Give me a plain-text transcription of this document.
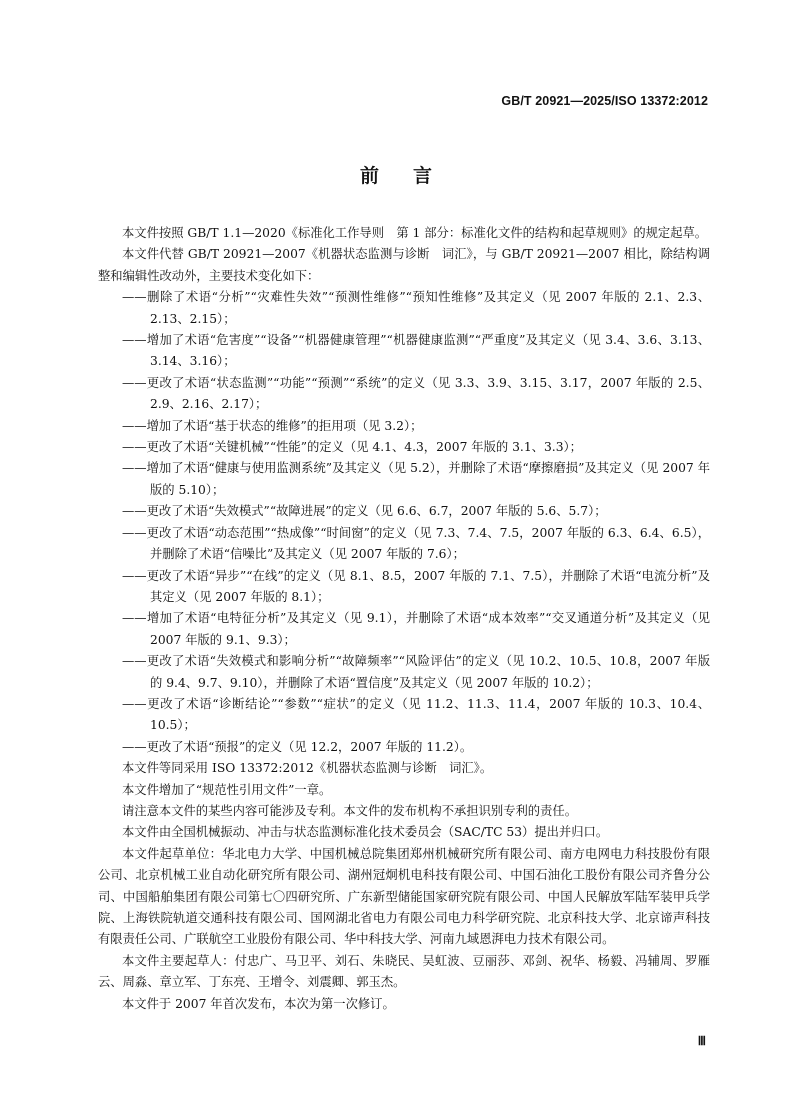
GB/T 20921—2025/ISO 13372:2012
前言

本文件按照 GB/T 1.1—2020《标准化工作导则　第 1 部分：标准化文件的结构和起草规则》的规定起草。

本文件代替 GB/T 20921—2007《机器状态监测与诊断　词汇》，与 GB/T 20921—2007 相比，除结构调整和编辑性改动外，主要技术变化如下：

——删除了术语“分析”“灾难性失效”“预测性维修”“预知性维修”及其定义（见 2007 年版的 2.1、2.3、2.13、2.15）；

——增加了术语“危害度”“设备”“机器健康管理”“机器健康监测”“严重度”及其定义（见 3.4、3.6、3.13、3.14、3.16）；

——更改了术语“状态监测”“功能”“预测”“系统”的定义（见 3.3、3.9、3.15、3.17，2007 年版的 2.5、2.9、2.16、2.17）；

——增加了术语“基于状态的维修”的拒用项（见 3.2）；

——更改了术语“关键机械”“性能”的定义（见 4.1、4.3，2007 年版的 3.1、3.3）；

——增加了术语“健康与使用监测系统”及其定义（见 5.2），并删除了术语“摩擦磨损”及其定义（见 2007 年版的 5.10）；

——更改了术语“失效模式”“故障进展”的定义（见 6.6、6.7，2007 年版的 5.6、5.7）；

——更改了术语“动态范围”“热成像”“时间窗”的定义（见 7.3、7.4、7.5，2007 年版的 6.3、6.4、6.5），并删除了术语“信噪比”及其定义（见 2007 年版的 7.6）；

——更改了术语“异步”“在线”的定义（见 8.1、8.5，2007 年版的 7.1、7.5），并删除了术语“电流分析”及其定义（见 2007 年版的 8.1）；

——增加了术语“电特征分析”及其定义（见 9.1），并删除了术语“成本效率”“交叉通道分析”及其定义（见 2007 年版的 9.1、9.3）；

——更改了术语“失效模式和影响分析”“故障频率”“风险评估”的定义（见 10.2、10.5、10.8，2007 年版的 9.4、9.7、9.10），并删除了术语“置信度”及其定义（见 2007 年版的 10.2）；

——更改了术语“诊断结论”“参数”“症状”的定义（见 11.2、11.3、11.4，2007 年版的 10.3、10.4、10.5）；

——更改了术语“预报”的定义（见 12.2，2007 年版的 11.2）。

本文件等同采用 ISO 13372:2012《机器状态监测与诊断　词汇》。

本文件增加了“规范性引用文件”一章。

请注意本文件的某些内容可能涉及专利。本文件的发布机构不承担识别专利的责任。

本文件由全国机械振动、冲击与状态监测标准化技术委员会（SAC/TC 53）提出并归口。

本文件起草单位：华北电力大学、中国机械总院集团郑州机械研究所有限公司、南方电网电力科技股份有限公司、北京机械工业自动化研究所有限公司、湖州冠炯机电科技有限公司、中国石油化工股份有限公司齐鲁分公司、中国船舶集团有限公司第七〇四研究所、广东新型储能国家研究院有限公司、中国人民解放军陆军装甲兵学院、上海铁院轨道交通科技有限公司、国网湖北省电力有限公司电力科学研究院、北京科技大学、北京谛声科技有限责任公司、广联航空工业股份有限公司、华中科技大学、河南九域恩湃电力技术有限公司。

本文件主要起草人：付忠广、马卫平、刘石、朱晓民、吴虹波、豆丽莎、邓剑、祝华、杨毅、冯辅周、罗雁云、周淼、章立军、丁东亮、王增令、刘震卿、郭玉杰。

本文件于 2007 年首次发布，本次为第一次修订。

Ⅲ
